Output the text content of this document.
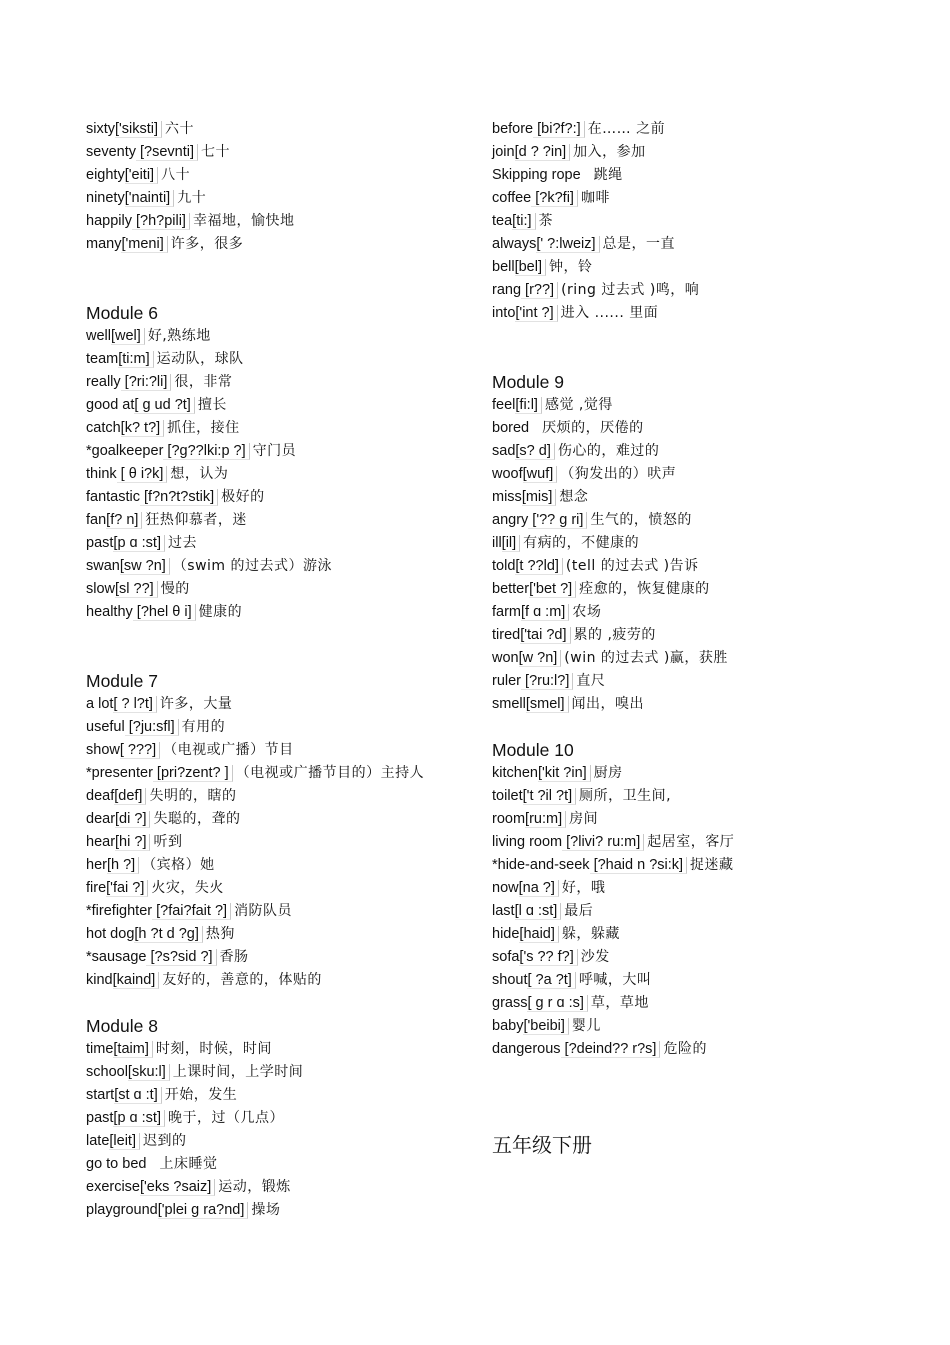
sixty['siksti] 六十
seventy [?sevnti] 七十
eighty['eiti] 八十
ninety['nainti] 九十
happily [?h?pili] 幸福地，愉快地
many['meni] 许多，很多
Module 6
well[wel] 好,熟练地
team[ti:m] 运动队，球队
really [?ri:?li] 很，非常
good at[ g ud ?t] 擅长
catch[k? t?] 抓住，接住
*goalkeeper [?g??lki:p ?] 守门员
think [ θ i?k] 想，认为
fantastic [f?n?t?stik] 极好的
fan[f? n] 狂热仰慕者，迷
past[p ɑ :st] 过去
swan[sw ?n] （swim 的过去式）游泳
slow[sl ??] 慢的
healthy [?hel θ i] 健康的
Module 7
a lot[ ? l?t] 许多，大量
useful [?ju:sfl] 有用的
show[ ???] （电视或广播）节目
*presenter [pri?zent? ] （电视或广播节目的）主持人
deaf[def] 失明的，瞎的
dear[di ?] 失聪的，聋的
hear[hi ?] 听到
her[h ?] （宾格）她
fire['fai ?] 火灾，失火
*firefighter [?fai?fait ?] 消防队员
hot dog[h ?t d ?g] 热狗
*sausage [?s?sid ?] 香肠
kind[kaind] 友好的，善意的，体贴的
Module 8
time[taim] 时刻，时候，时间
school[sku:l] 上课时间，上学时间
start[st ɑ :t] 开始，发生
past[p ɑ :st] 晚于，过（几点）
late[leit] 迟到的
go to bed 上床睡觉
exercise['eks ?saiz] 运动，锻炼
playground['plei g ra?nd] 操场
before [bi?f?:] 在…… 之前
join[d ? ?in] 加入，参加
Skipping rope 跳绳
coffee [?k?fi] 咖啡
tea[ti:] 茶
always[' ?:lweiz] 总是，一直
bell[bel] 钟，铃
rang [r??] (ring 过去式 )鸣，响
into['int ?] 进入 ...... 里面
Module 9
feel[fi:l] 感觉 ,觉得
bored 厌烦的，厌倦的
sad[s? d] 伤心的，难过的
woof[wuf] （狗发出的）吠声
miss[mis] 想念
angry ['?? g ri] 生气的，愤怒的
ill[il] 有病的，不健康的
told[t ??ld] (tell 的过去式 )告诉
better['bet ?] 痊愈的，恢复健康的
farm[f ɑ :m] 农场
tired['tai ?d] 累的 ,疲劳的
won[w ?n] (win 的过去式 )赢，获胜
ruler [?ru:l?] 直尺
smell[smel] 闻出，嗅出
Module 10
kitchen['kit ?in] 厨房
toilet['t ?il ?t] 厕所，卫生间,
room[ru:m] 房间
living room [?livi? ru:m] 起居室，客厅
*hide-and-seek [?haid n ?si:k] 捉迷藏
now[na ?] 好，哦
last[l ɑ :st] 最后
hide[haid] 躲，躲藏
sofa['s ?? f?] 沙发
shout[ ?a ?t] 呼喊，大叫
grass[ g r ɑ :s] 草，草地
baby['beibi] 婴儿
dangerous [?deind?? r?s] 危险的
五年级下册
